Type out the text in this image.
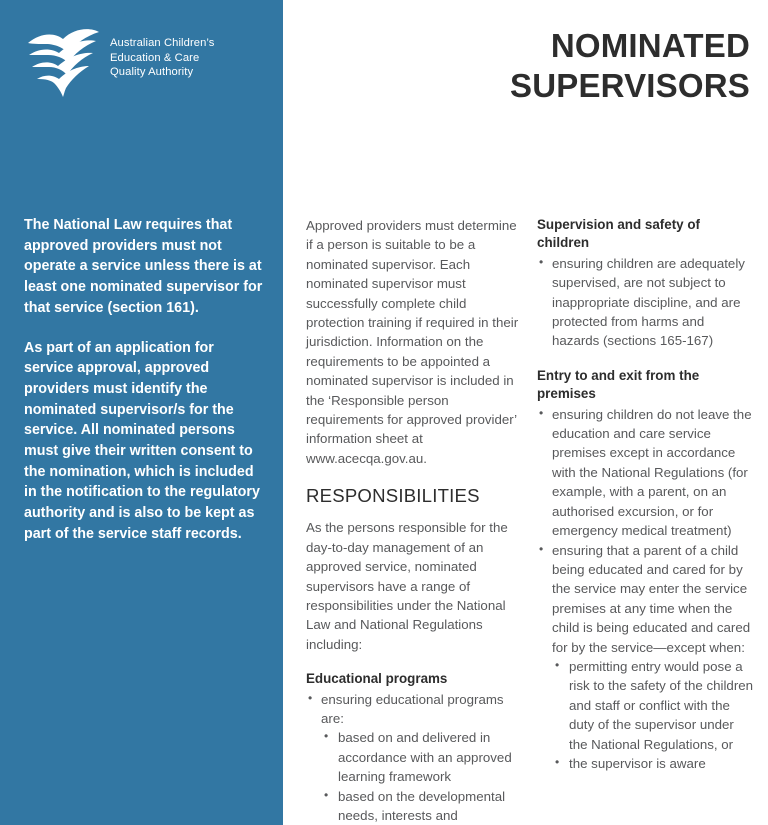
Australian Children’s
Education & Care
Quality Authority

The National Law requires that approved providers must not operate a service unless there is at least one nominated supervisor for that service (section 161).

As part of an application for service approval, approved providers must identify the nominated supervisor/s for the service. All nominated persons must give their written consent to the nomination, which is included in the notification to the regulatory authority and is also to be kept as part of the service staff records.

NOMINATED
SUPERVISORS

Approved providers must determine if a person is suitable to be a nominated supervisor. Each nominated supervisor must successfully complete child protection training if required in their jurisdiction. Information on the requirements to be appointed a nominated supervisor is included in the ‘Responsible person requirements for approved provider’ information sheet at www.acecqa.gov.au.

RESPONSIBILITIES

As the persons responsible for the day-to-day management of an approved service, nominated supervisors have a range of responsibilities under the National Law and National Regulations including:

Educational programs
• ensuring educational programs are:
• based on and delivered in accordance with an approved learning framework
• based on the developmental needs, interests and
Supervision and safety of children
• ensuring children are adequately supervised, are not subject to inappropriate discipline, and are protected from harms and hazards (sections 165-167)
Entry to and exit from the premises
• ensuring children do not leave the education and care service premises except in accordance with the National Regulations (for example, with a parent, on an authorised excursion, or for emergency medical treatment)
• ensuring that a parent of a child being educated and cared for by the service may enter the service premises at any time when the child is being educated and cared for by the service—except when:
• permitting entry would pose a risk to the safety of the children and staff or conflict with the duty of the supervisor under the National Regulations, or
• the supervisor is aware
